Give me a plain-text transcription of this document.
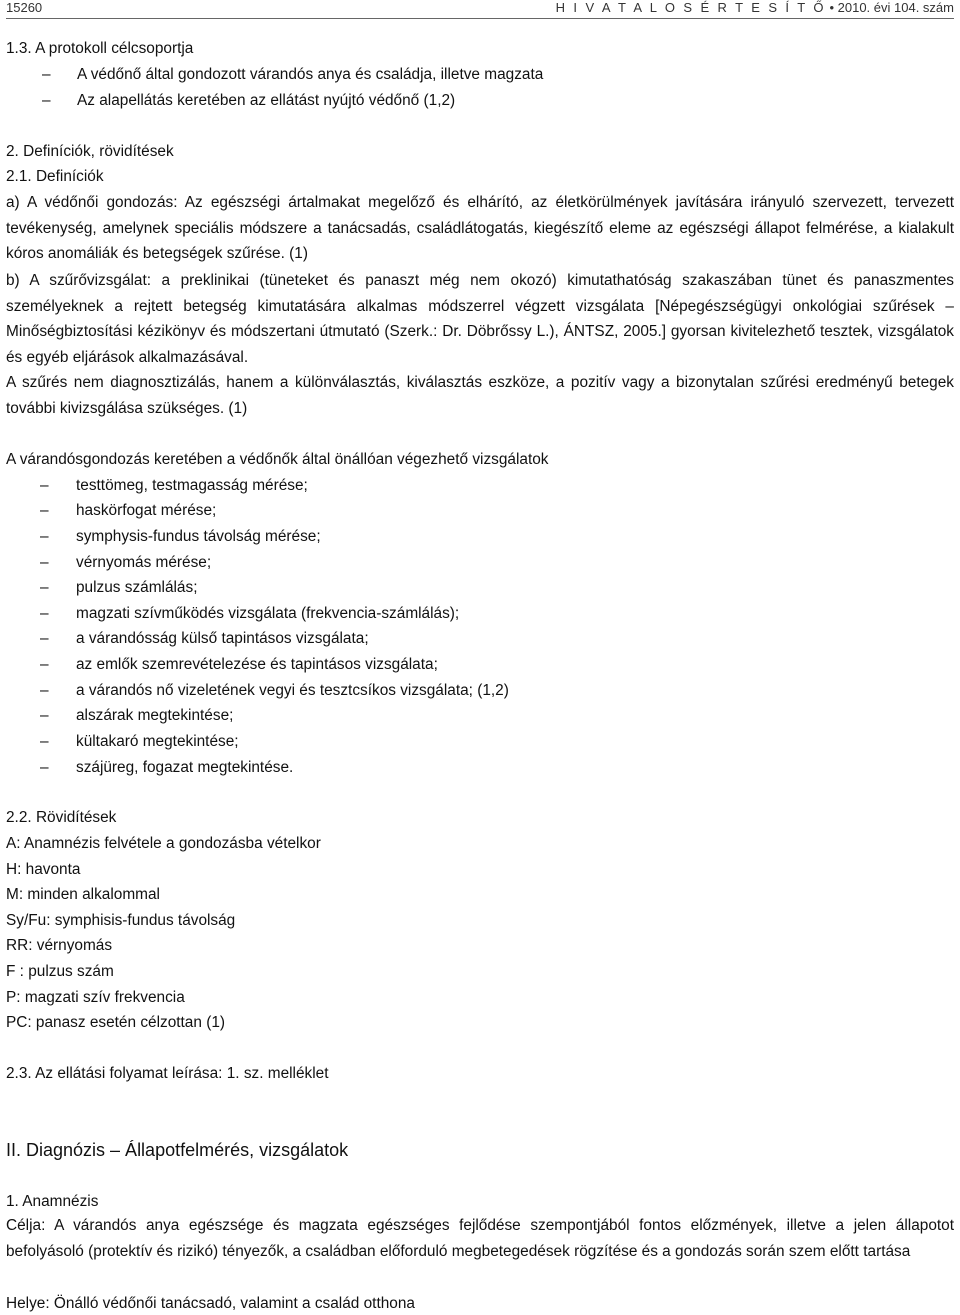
15260	H I V A T A L O S É R T E S Í T Ő • 2010. évi 104. szám
1.3. A protokoll célcsoportja
– A védőnő által gondozott várandós anya és családja, illetve magzata
– Az alapellátás keretében az ellátást nyújtó védőnő (1,2)
2. Definíciók, rövidítések
2.1. Definíciók
a) A védőnői gondozás: Az egészségi ártalmakat megelőző és elhárító, az életkörülmények javítására irányuló szervezett, tervezett tevékenység, amelynek speciális módszere a tanácsadás, családlátogatás, kiegészítő eleme az egészségi állapot felmérése, a kialakult kóros anomáliák és betegségek szűrése. (1)
b) A szűrővizsgálat: a preklinikai (tüneteket és panaszt még nem okozó) kimutathatóság szakaszában tünet és panaszmentes személyeknek a rejtett betegség kimutatására alkalmas módszerrel végzett vizsgálata [Népegészségügyi onkológiai szűrések – Minőségbiztosítási kézikönyv és módszertani útmutató (Szerk.: Dr. Döbrőssy L.), ÁNTSZ, 2005.] gyorsan kivitelezhető tesztek, vizsgálatok és egyéb eljárások alkalmazásával.
A szűrés nem diagnosztizálás, hanem a különválasztás, kiválasztás eszköze, a pozitív vagy a bizonytalan szűrési eredményű betegek további kivizsgálása szükséges. (1)
A várandósgondozás keretében a védőnők által önállóan végezhető vizsgálatok
– testtömeg, testmagasság mérése;
– haskörfogat mérése;
– symphysis-fundus távolság mérése;
– vérnyomás mérése;
– pulzus számlálás;
– magzati szívműködés vizsgálata (frekvencia-számlálás);
– a várandósság külső tapintásos vizsgálata;
– az emlők szemrevételezése és tapintásos vizsgálata;
– a várandós nő vizeletének vegyi és tesztcsíkos vizsgálata; (1,2)
– alszárak megtekintése;
– kültakaró megtekintése;
– szájüreg, fogazat megtekintése.
2.2. Rövidítések
A: Anamnézis felvétele a gondozásba vételkor
H: havonta
M: minden alkalommal
Sy/Fu: symphisis-fundus távolság
RR: vérnyomás
F : pulzus szám
P: magzati szív frekvencia
PC: panasz esetén célzottan (1)
2.3. Az ellátási folyamat leírása: 1. sz. melléklet
II. Diagnózis – Állapotfelmérés, vizsgálatok
1. Anamnézis
Célja: A várandós anya egészsége és magzata egészséges fejlődése szempontjából fontos előzmények, illetve a jelen állapotot befolyásoló (protektív és rizikó) tényezők, a családban előforduló megbetegedések rögzítése és a gondozás során szem előtt tartása
Helye: Önálló védőnői tanácsadó, valamint a család otthona
